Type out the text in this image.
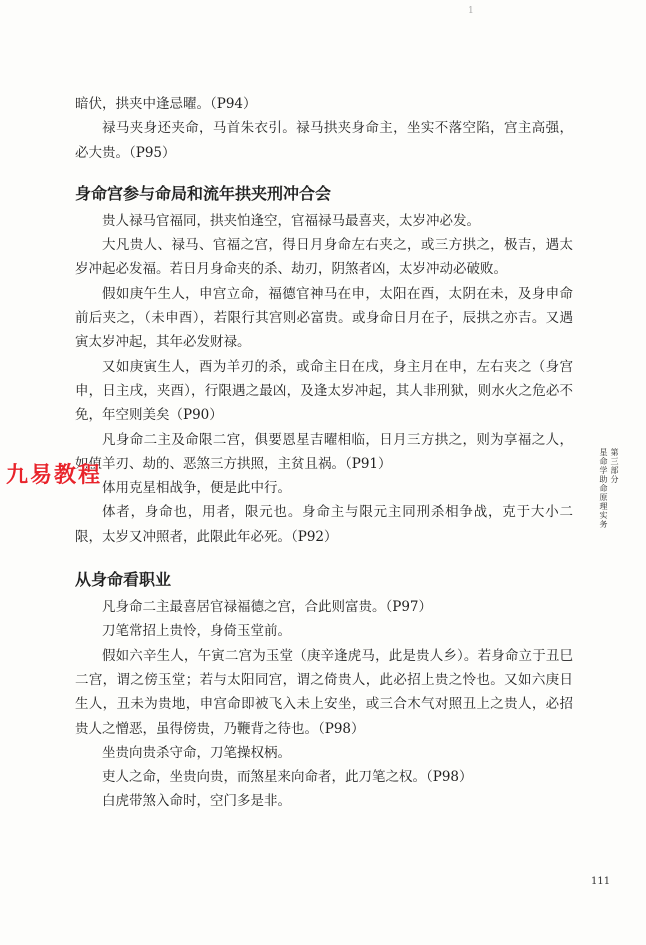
1

暗伏，拱夹中逢忌曜。（P94）

禄马夹身还夹命，马首朱衣引。禄马拱夹身命主，坐实不落空陷，宫主高强，必大贵。（P95）

身命宫参与命局和流年拱夹刑冲合会

贵人禄马官福同，拱夹怕逢空，官福禄马最喜夹，太岁冲必发。

大凡贵人、禄马、官福之宫，得日月身命左右夹之，或三方拱之，极吉，遇太岁冲起必发福。若日月身命夹的杀、劫刃，阴煞者凶，太岁冲动必破败。

假如庚午生人，申宫立命，福德官神马在申，太阳在酉，太阴在未，及身申命前后夹之，（未申酉），若限行其宫则必富贵。或身命日月在子，辰拱之亦吉。又遇寅太岁冲起，其年必发财禄。

又如庚寅生人，酉为羊刃的杀，或命主日在戌，身主月在申，左右夹之（身宫申，日主戌，夹酉），行限遇之最凶，及逢太岁冲起，其人非刑狱，则水火之危必不免，年空则美矣（P90）

凡身命二主及命限二宫，俱要恩星吉曜相临，日月三方拱之，则为享福之人，如值羊刃、劫的、恶煞三方拱照，主贫且祸。（P91）

体用克星相战争，便是此中行。

体者，身命也，用者，限元也。身命主与限元主同刑杀相争战，克于大小二限，太岁又冲照者，此限此年必死。（P92）

从身命看职业

凡身命二主最喜居官禄福德之宫，合此则富贵。（P97）

刀笔常招上贵怜，身倚玉堂前。

假如六辛生人，午寅二宫为玉堂（庚辛逢虎马，此是贵人乡）。若身命立于丑巳二宫，谓之傍玉堂；若与太阳同宫，谓之倚贵人，此必招上贵之怜也。又如六庚日生人，丑未为贵地，申宫命即被飞入未上安坐，或三合木气对照丑上之贵人，必招贵人之憎恶，虽得傍贵，乃鞭背之待也。（P98）

坐贵向贵杀守命，刀笔操权柄。

吏人之命，坐贵向贵，而煞星来向命者，此刀笔之权。（P98）

白虎带煞入命时，空门多是非。

第三部分
星命学助命原理实务
九易教程
111
